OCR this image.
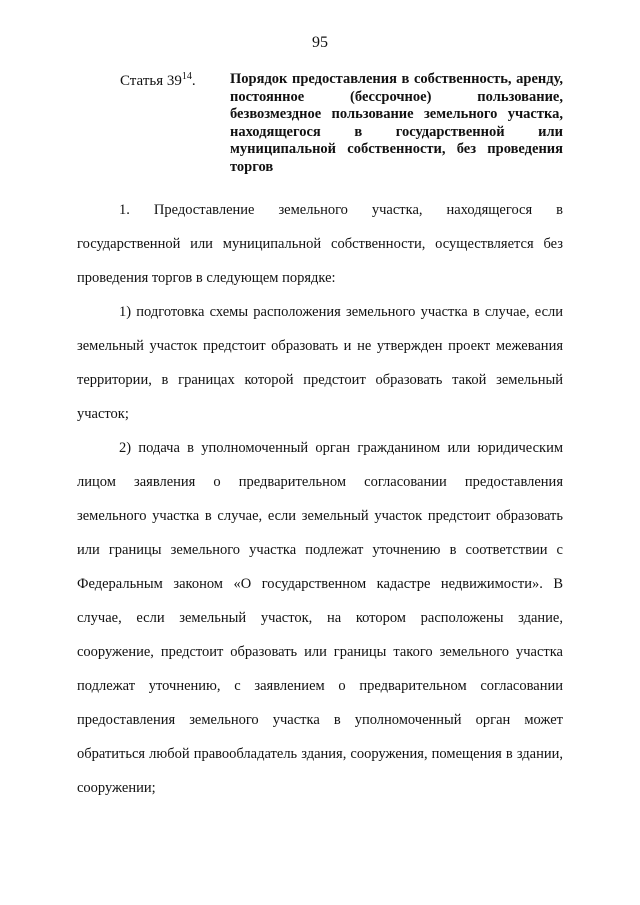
95
Статья $39^{14}$. Порядок предоставления в собственность, аренду, постоянное (бессрочное) пользование, безвозмездное пользование земельного участка, находящегося в государственной или муниципальной собственности, без проведения торгов

1. Предоставление земельного участка, находящегося в государственной или муниципальной собственности, осуществляется без проведения торгов в следующем порядке:

1) подготовка схемы расположения земельного участка в случае, если земельный участок предстоит образовать и не утвержден проект межевания территории, в границах которой предстоит образовать такой земельный участок;

2) подача в уполномоченный орган гражданином или юридическим лицом заявления о предварительном согласовании предоставления земельного участка в случае, если земельный участок предстоит образовать или границы земельного участка подлежат уточнению в соответствии с Федеральным законом «О государственном кадастре недвижимости». В случае, если земельный участок, на котором расположены здание, сооружение, предстоит образовать или границы такого земельного участка подлежат уточнению, с заявлением о предварительном согласовании предоставления земельного участка в уполномоченный орган может обратиться любой правообладатель здания, сооружения, помещения в здании, сооружении;
